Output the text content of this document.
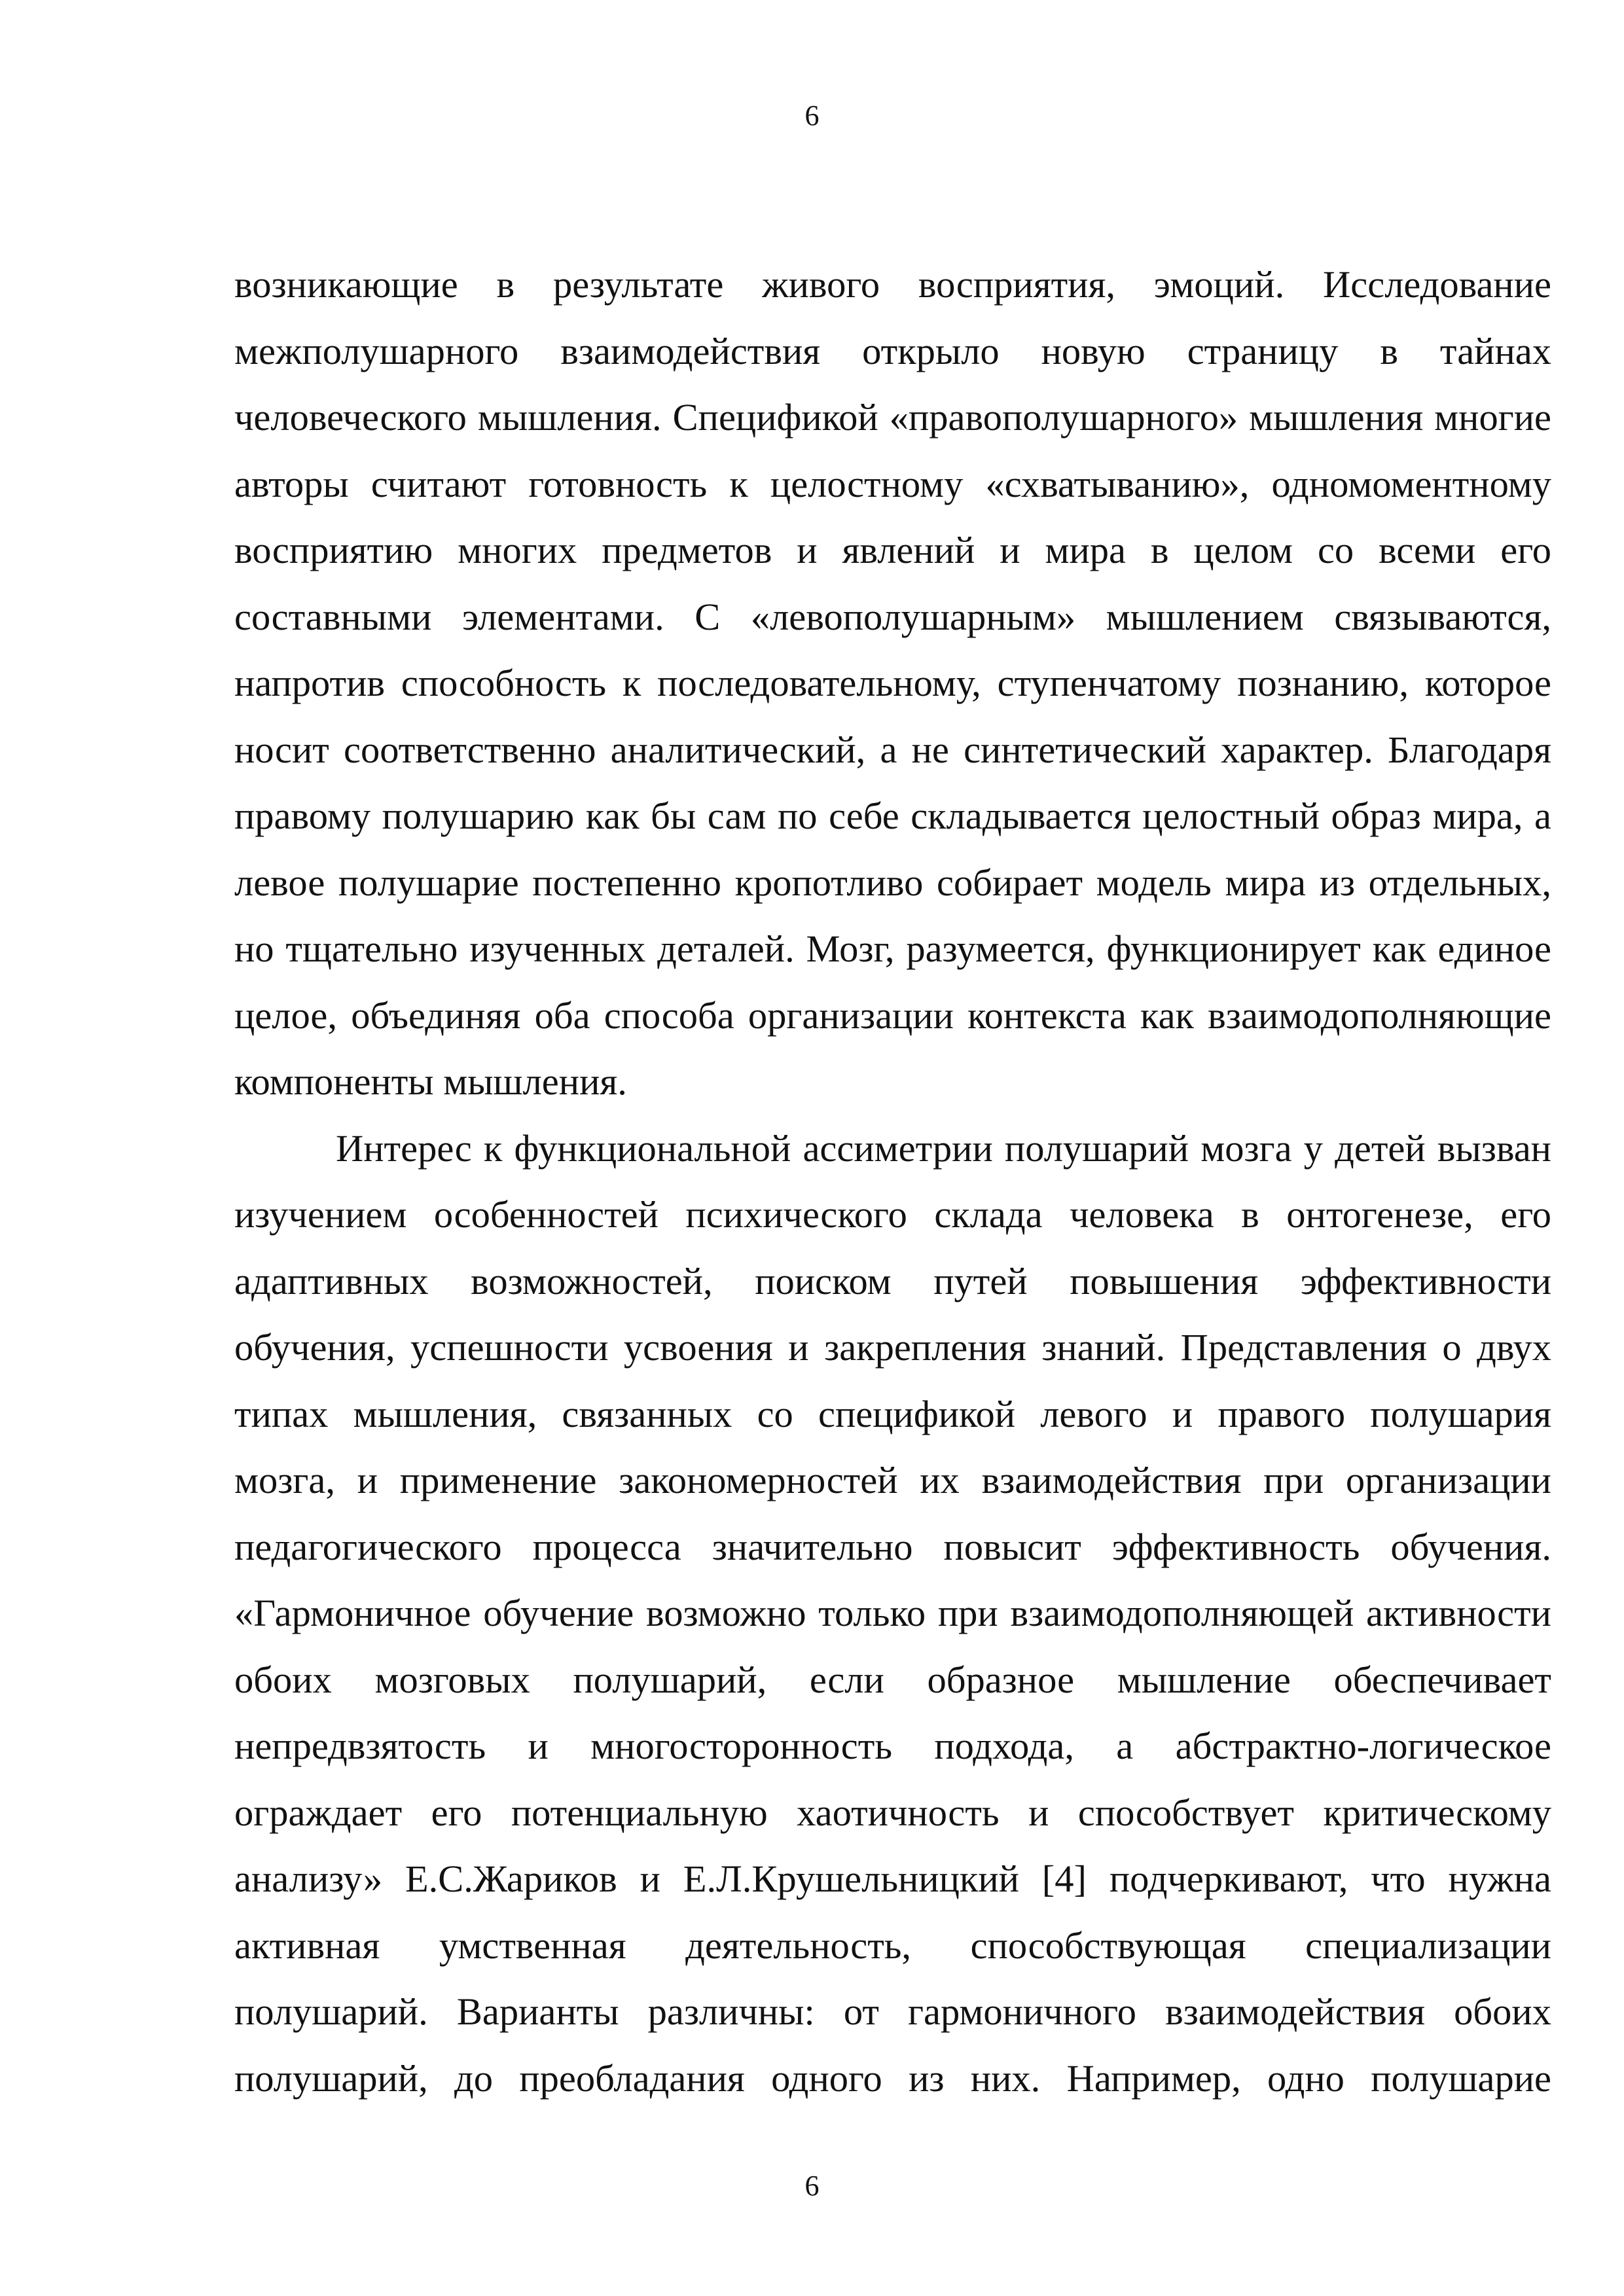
6
возникающие в результате живого восприятия, эмоций. Исследование
межполушарного взаимодействия открыло новую страницу в тайнах
человеческого мышления. Спецификой «правополушарного» мышления многие
авторы считают готовность к целостному «схватыванию», одномоментному
восприятию многих предметов и явлений и мира в целом со всеми его
составными элементами. С «левополушарным» мышлением связываются,
напротив способность к последовательному, ступенчатому познанию, которое
носит соответственно аналитический, а не синтетический характер. Благодаря
правому полушарию как бы сам по себе складывается целостный образ мира, а
левое полушарие постепенно кропотливо собирает модель мира из отдельных,
но тщательно изученных деталей. Мозг, разумеется, функционирует как единое
целое, объединяя оба способа организации контекста как взаимодополняющие
компоненты мышления.
Интерес к функциональной ассиметрии полушарий мозга у детей вызван
изучением особенностей психического склада человека в онтогенезе, его
адаптивных возможностей, поиском путей повышения эффективности
обучения, успешности усвоения и закрепления знаний. Представления о двух
типах мышления, связанных со спецификой левого и правого полушария
мозга, и применение закономерностей их взаимодействия при организации
педагогического процесса значительно повысит эффективность обучения.
«Гармоничное обучение возможно только при взаимодополняющей активности
обоих мозговых полушарий, если образное мышление обеспечивает
непредвзятость и многосторонность подхода, а абстрактно-логическое
ограждает его потенциальную хаотичность и способствует критическому
анализу» Е.С.Жариков и Е.Л.Крушельницкий [4] подчеркивают, что нужна
активная умственная деятельность, способствующая специализации
полушарий. Варианты различны: от гармоничного взаимодействия обоих
полушарий, до преобладания одного из них. Например, одно полушарие
6
